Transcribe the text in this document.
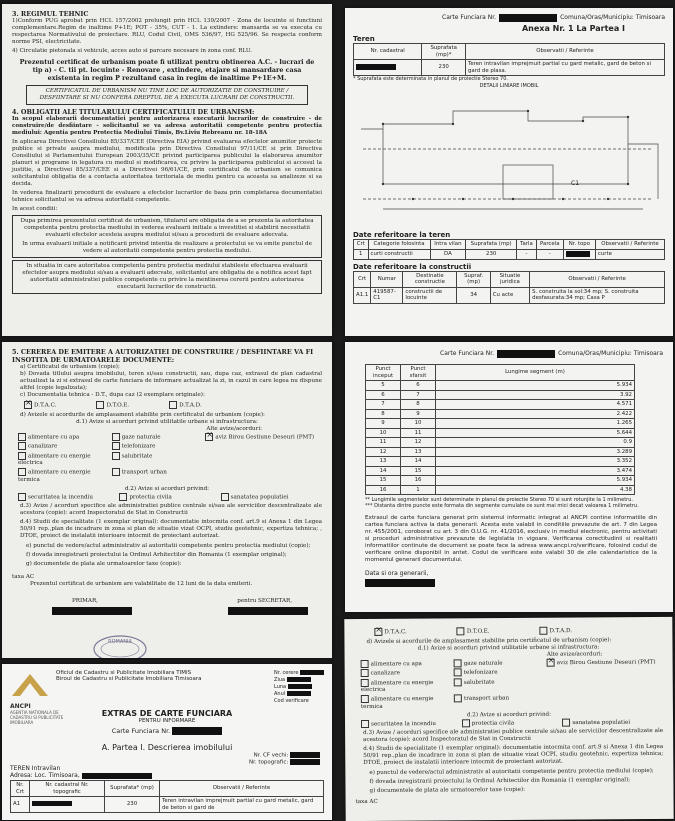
3. REGIMUL TEHNIC
1)Conform PUG aprobat prin HCL 157/2002 prelungit prin HCL 139/2007 - Zona de locuinte si functiuni complementare.Regim de inaltime P+1E; POT - 35%, CUT - 1. La extindere: mansarda se va executa cu respectarea Normativului de proiectare. RLU, Codul Civil, OMS 536/97, HG 525/96. Se respecta conform norme PSI, electricitate.
4) Circulatie pietonala si vehicule, acces auto si parcare necesare in zona conf. RLU.
Prezentul certificat de urbanism poate fi utilizat pentru obtinerea A.C. - lucrari de tip a) - C. tii pt. locuinte - Renovare , extindere, etajare si mansardare casa existenta in regim P rezultand casa in regim de inaltime P+1E+M.
CERTIFICATUL DE URBANISM NU TINE LOC DE AUTORIZATIE DE CONSTRUIRE / DESFIINTARE SI NU CONFERA DREPTUL DE A EXECUTA LUCRARI DE CONSTRUCTII.
4. OBLIGATII ALE TITULARULUI CERTIFICATULUI DE URBANISM:
In scopul elaborarii documentatiei pentru autorizarea executarii lucrarilor de construire - de construire/de desfiintare - solicitantul se va adresa autoritatii competente pentru protectia mediului: Agentia pentru Protectia Mediului Timis, Bv.Liviu Rebreanu nr. 18-18A
In aplicarea Directivei Consiliului 85/337/CEE (Directiva EIA) privind evaluarea efectelor anumitor proiecte publice si private asupra mediului, modificata prin Directiva Consiliului 97/11/CE si prin Directiva Consiliului si Parlamentului European 2003/35/CE privind participarea publicului la elaborarea anumitor planuri si programe in legatura cu mediul si modificarea, cu privire la participarea publicului si accesul la justitie, a Directivei 85/337/CEE si a Directivei 96/61/CE, prin certificatul de urbanism se comunica solicitantului obligatia de a contacta autoritatea teritoriala de mediu pentru ca aceasta sa analizeze si sa decida.
In vederea finalizarii procedurii de evaluare a efectelor lucrarilor de baza prin completarea documentatiei tehnice solicitantul se va adresa autoritatii competente.
In acest condiii:
Dupa primirea prezentului certificat de urbanism, titularul are obligatia de a se prezenta la autoritatea competenta pentru protectia mediului in vederea evaluarii initiale a investitiei si stabilirii necesitatii evaluarii efectelor acesteia asupra mediului si/sau a procedurii de evaluare adecvata.
In urma evaluarii initiale a notificarii privind intentia de realizare a proiectului se va emite punctul de vedere al autoritatii competente pentru protectia mediului.
In situatia in care autoritatea competenta pentru protectia mediului stabileste efectuarea evaluarii efectelor asupra mediului si/sau a evaluarii adecvate, solicitantul are obligatia de a notifica acest fapt autoritatii administratiei publice competente cu privire la mentinerea cererii pentru autorizarea executarii lucrarilor de constructii.
Carte Funciara Nr.	Comuna/Oras/Municipiu: Timisoara
Anexa Nr. 1 La Partea I
Teren
Nr. cadastral	Suprafata (mp)*	Observatii / Referinte
	230	Teren intravilan imprejmuit partial cu gard metalic, gard de beton si gard de plasa.
* Suprafata este determinata in planul de proiectie Stereo 70.
DETALII LINIARE IMOBIL
C1
Date referitoare la teren
Crt	Categorie folosinta	Intra vilan	Suprafata (mp)	Tarla	Parcela	Nr. topo	Observatii / Referinte
1	curti constructii	DA	230	-	-		curte
Date referitoare la constructii
Crt	Numar	Destinatie constructie	Supraf. (mp)	Situatie juridica	Observatii / Referinte
A1.1	419587-C1	constructii de locuinte	34	Cu acte	S. construita la sol:34 mp; S. construita desfasurata:34 mp; Casa P
5. CEREREA DE EMITERE A AUTORIZATIEI DE CONSTRUIRE / DESFIINTARE VA FI INSOTITA DE URMATOARELE DOCUMENTE:
a) Certificatul de urbanism (copie);
b) Dovada titlului asupra imobilului, teren si/sau constructii, sau, dupa caz, extrasul de plan cadastral actualizat la zi si extrasul de carte funciara de informare actualizat la zi, in cazul in care legea nu dispune altfel (copie legalizata);
c) Documentatia tehnica - D.T., dupa caz (2 exemplare originale):
×D.T.A.C.	D.T.O.E.	D.T.A.D.
d) Avizele si acordurile de amplasament stabilite prin certificatul de urbanism (copie):
d.1) Avize si acorduri privind utilitatile urbane si infrastructura:
Alte avize/acorduri:
alimentare cu apa	gaze naturale ×	aviz Birou Gestiune Deseuri (PMT)
canalizare	telefonizare
alimentare cu energie electrica
salubritate
alimentare cu energie termica
transport urban
d.2) Avize si acorduri privind:
securitatea la incendiu	protectia civila	sanatatea populatiei
d.3) Avize / acorduri specifice ale administratiei publice centrale si/sau ale serviciilor descentralizate ale acestora (copie): acord Inspectoratul de Stat in Constructii
d.4) Studii de specialitate (1 exemplar original): documentatie intocmita conf. art.9 si Anexa 1 din Legea 50/91 rep.,plan de incadrare in zona si plan de situatie vizat OCPI, studiu geotehnic, expertiza tehnica; , DTOE, proiect de instalatii interioare intocmit de proiectant autorizat.
e) punctul de vedere/actul administrativ al autoritatii competente pentru protectia mediului (copie);
f) dovada inregistrarii proiectului la Ordinul Arhitectilor din Romania (1 exemplar original);
g) documentele de plata ale urmatoarelor taxe (copie):
taxa AC
Prezentul certificat de urbanism are valabilitate de 12 luni de la data emiterii.
PRIMAR,	pentru SECRETAR,
ROMANIA
Carte Funciara Nr.	Comuna/Oras/Municipiu: Timisoara
Punct inceput	Punct sfarsit	Lungime segment (m)
5	6	5.934
6	7	3.92
7	8	4.571
8	9	2.422
9	10	1.265
10	11	5.644
11	12	0.9
12	13	3.289
13	14	3.352
14	15	3.474
15	16	5.934
16	1	4.38
** Lungimile segmentelor sunt determinate in planul de proiectie Stereo 70 si sunt rotunjite la 1 milimetru.
*** Distanta dintre puncte este formata din segmente cumulate ce sunt mai mici decat valoarea 1 milimetru.
Extrasul de carte funciara generat prin sistemul informatic integrat al ANCPI contine informatiile din cartea funciara activa la data generarii. Acesta este valabil in conditiile prevazute de art. 7 din Legea nr. 455/2001, coroborat cu art. 3 din O.U.G. nr. 41/2016, exclusiv in mediul electronic, pentru activitati si proceduri administrative prevazute de legislatia in vigoare. Verificarea corectitudinii si realitatii informatiilor continute de document se poate face la adresa www.ancpi.ro/verificare, folosind codul de verificare online disponibil in antet. Codul de verificare este valabil 30 de zile calendaristice de la momentul generarii documentului.
Data si ora generarii,
Oficiul de Cadastru si Publicitate Imobiliara TIMIS
Biroul de Cadastru si Publicitate Imobiliara Timisoara
Nr. cerere
Ziua
Luna
Anul
Cod verificare
ANCPI
AGENTIA NATIONALA DE CADASTRU SI PUBLICITATE IMOBILIARA
EXTRAS DE CARTE FUNCIARA
PENTRU INFORMARE
Carte Funciara Nr.
A. Partea I. Descrierea imobilului
Nr. CF vechi:
Nr. topografic:
TEREN Intravilan
Adresa: Loc. Timisoara,
Nr. Crt	Nr. cadastral Nr. topografic	Suprafata* (mp)	Observatii / Referinte
A1		230	Teren intravilan imprejmuit partial cu gard metalic, gard de beton si gard de
×D.T.A.C.	D.T.O.E.	D.T.A.D.
d) Avizele si acordurile de amplasament stabilite prin certificatul de urbanism (copie):
d.1) Avize si acorduri privind utilitatile urbane si infrastructura:
Alte avize/acorduri:
alimentare cu apa	gaze naturale ×	aviz Birou Gestiune Deseuri (PMT)
canalizare	telefonizare
alimentare cu energie electrica
salubritate
alimentare cu energie termica
transport urban
d.2) Avize si acorduri privind:
securitatea la incendiu	protectia civila	sanatatea populatiei
d.3) Avize / acorduri specifice ale administratiei publice centrale si/sau ale serviciilor descentralizate ale acestora (copie): acord Inspectoratul de Stat in Constructii
d.4) Studii de specialitate (1 exemplar original): documentatie intocmita conf. art.9 si Anexa 1 din Legea 50/91 rep.,plan de incadrare in zona si plan de situatie vizat OCPI, studiu geotehnic, expertiza tehnica; DTOE, proiect de instalatii interioare intocmit de proiectant autorizat.
e) punctul de vedere/actul administrativ al autoritatii competente pentru protectia mediului (copie);
f) dovada inregistrarii proiectului la Ordinul Arhitectilor din Romania (1 exemplar original);
g) documentele de plata ale urmatoarelor taxe (copie):
taxa AC
